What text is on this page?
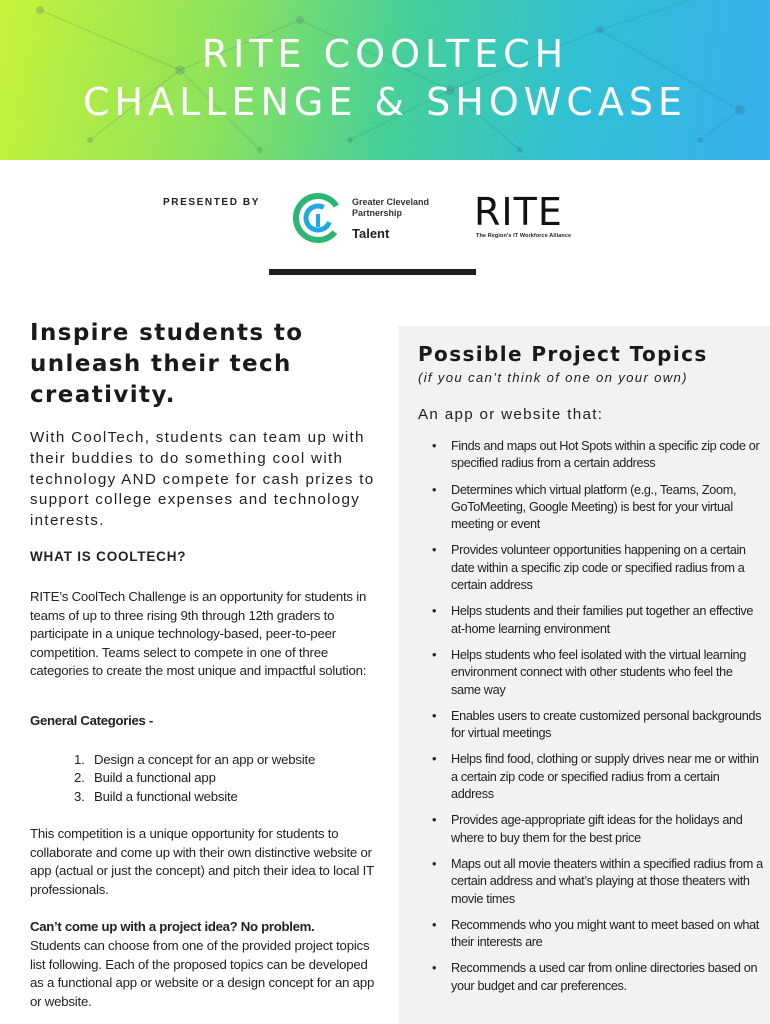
RITE COOLTECH
CHALLENGE & SHOWCASE
PRESENTED BY	Greater Cleveland
Partnership
Talent RITE
The Region's IT Workforce Alliance
Inspire students to
unleash their tech
creativity.

With CoolTech, students can team up with their buddies to do something cool with technology AND compete for cash prizes to support college expenses and technology interests.

WHAT IS COOLTECH?

RITE’s CoolTech Challenge is an opportunity for students in teams of up to three rising 9th through 12th graders to participate in a unique technology-based, peer-to-peer competition. Teams select to compete in one of three categories to create the most unique and impactful solution:

General Categories -
1. Design a concept for an app or website
2. Build a functional app
3. Build a functional website

This competition is a unique opportunity for students to collaborate and come up with their own distinctive website or app (actual or just the concept) and pitch their idea to local IT professionals.

Can’t come up with a project idea? No problem.

Students can choose from one of the provided project topics list following. Each of the proposed topics can be developed as a functional app or website or a design concept for an app or website.

Possible Project Topics
(if you can’t think of one on your own)
An app or website that:
• Finds and maps out Hot Spots within a specific zip code or specified radius from a certain address
• Determines which virtual platform (e.g., Teams, Zoom, GoToMeeting, Google Meeting) is best for your virtual meeting or event
• Provides volunteer opportunities happening on a certain date within a specific zip code or specified radius from a certain address
• Helps students and their families put together an effective at-home learning environment
• Helps students who feel isolated with the virtual learning environment connect with other students who feel the same way
• Enables users to create customized personal backgrounds for virtual meetings
• Helps find food, clothing or supply drives near me or within a certain zip code or specified radius from a certain address
• Provides age-appropriate gift ideas for the holidays and where to buy them for the best price
• Maps out all movie theaters within a specified radius from a certain address and what’s playing at those theaters with movie times
• Recommends who you might want to meet based on what their interests are
• Recommends a used car from online directories based on your budget and car preferences.
